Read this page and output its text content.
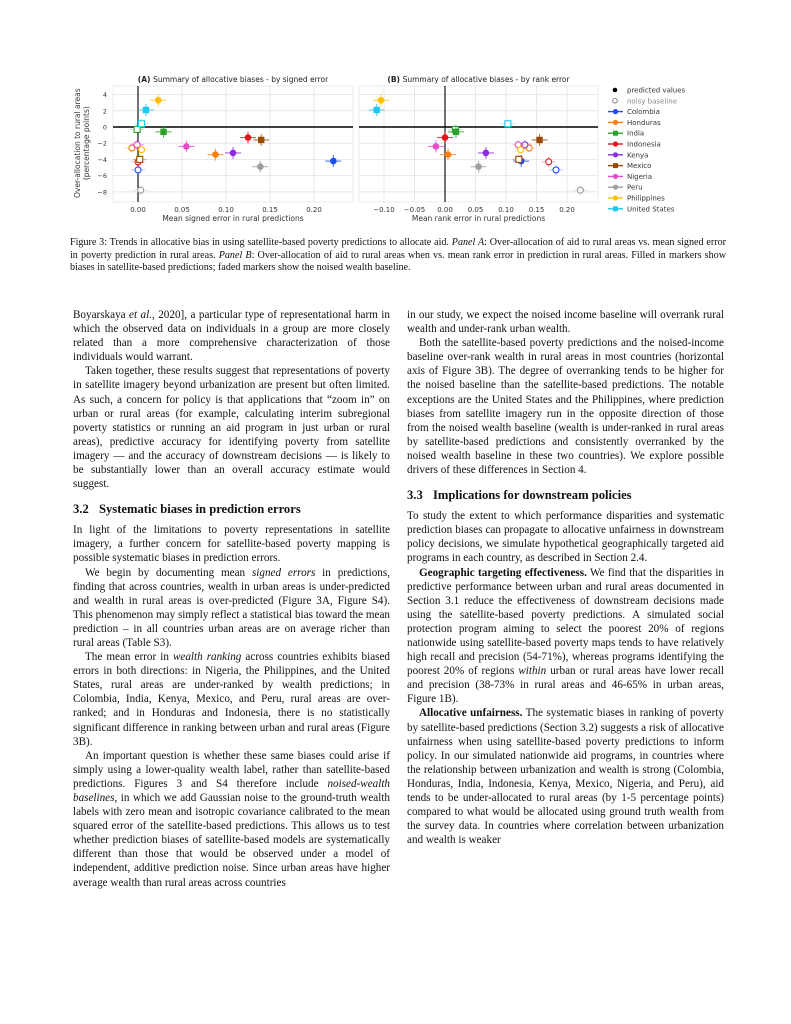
0.00	0.05	0.10	0.15	0.20
4
2
0
−2
−4
−6
−8
Over-allocation to rural areas (percentage points)
(A) Summary of allocative biases - by signed error
Mean signed error in rural predictions
−0.10 −0.05 0.00 0.05 0.10 0.15 0.20
(B) Summary of allocative biases - by rank error
Mean rank error in rural predictions
predicted values
noisy baseline
Colombia
Honduras
India
Indonesia
Kenya
Mexico
Nigeria
Peru
Philippines
United States
Figure 3: Trends in allocative bias in using satellite-based poverty predictions to allocate aid. Panel A: Over-allocation of aid to rural areas vs. mean signed error in poverty prediction in rural areas. Panel B: Over-allocation of aid to rural areas when vs. mean rank error in prediction in rural areas. Filled in markers show biases in satellite-based predictions; faded markers show the noised wealth baseline.

Boyarskaya et al., 2020], a particular type of representational harm in which the observed data on individuals in a group are more closely related than a more comprehensive characterization of those individuals would warrant.

Taken together, these results suggest that representations of poverty in satellite imagery beyond urbanization are present but often limited. As such, a concern for policy is that applications that “zoom in” on urban or rural areas (for example, calculating interim subregional poverty statistics or running an aid program in just urban or rural areas), predictive accuracy for identifying poverty from satellite imagery — and the accuracy of downstream decisions — is likely to be substantially lower than an overall accuracy estimate would suggest.

3.2 Systematic biases in prediction errors

In light of the limitations to poverty representations in satellite imagery, a further concern for satellite-based poverty mapping is possible systematic biases in prediction errors.

We begin by documenting mean signed errors in predictions, finding that across countries, wealth in urban areas is under-predicted and wealth in rural areas is over-predicted (Figure 3A, Figure S4). This phenomenon may simply reflect a statistical bias toward the mean prediction – in all countries urban areas are on average richer than rural areas (Table S3).

The mean error in wealth ranking across countries exhibits biased errors in both directions: in Nigeria, the Philippines, and the United States, rural areas are under-ranked by wealth predictions; in Colombia, India, Kenya, Mexico, and Peru, rural areas are over-ranked; and in Honduras and Indonesia, there is no statistically significant difference in ranking between urban and rural areas (Figure 3B).

An important question is whether these same biases could arise if simply using a lower-quality wealth label, rather than satellite-based predictions. Figures 3 and S4 therefore include noised-wealth baselines, in which we add Gaussian noise to the ground-truth wealth labels with zero mean and isotropic covariance calibrated to the mean squared error of the satellite-based predictions. This allows us to test whether prediction biases of satellite-based models are systematically different than those that would be observed under a model of independent, additive prediction noise. Since urban areas have higher average wealth than rural areas across countries

in our study, we expect the noised income baseline will overrank rural wealth and under-rank urban wealth.

Both the satellite-based poverty predictions and the noised-income baseline over-rank wealth in rural areas in most countries (horizontal axis of Figure 3B). The degree of overranking tends to be higher for the noised baseline than the satellite-based predictions. The notable exceptions are the United States and the Philippines, where prediction biases from satellite imagery run in the opposite direction of those from the noised wealth baseline (wealth is under-ranked in rural areas by satellite-based predictions and consistently overranked by the noised wealth baseline in these two countries). We explore possible drivers of these differences in Section 4.

3.3 Implications for downstream policies

To study the extent to which performance disparities and systematic prediction biases can propagate to allocative unfairness in downstream policy decisions, we simulate hypothetical geographically targeted aid programs in each country, as described in Section 2.4.

Geographic targeting effectiveness. We find that the disparities in predictive performance between urban and rural areas documented in Section 3.1 reduce the effectiveness of downstream decisions made using the satellite-based poverty predictions. A simulated social protection program aiming to select the poorest 20% of regions nationwide using satellite-based poverty maps tends to have relatively high recall and precision (54-71%), whereas programs identifying the poorest 20% of regions within urban or rural areas have lower recall and precision (38-73% in rural areas and 46-65% in urban areas, Figure 1B).

Allocative unfairness. The systematic biases in ranking of poverty by satellite-based predictions (Section 3.2) suggests a risk of allocative unfairness when using satellite-based poverty predictions to inform policy. In our simulated nationwide aid programs, in countries where the relationship between urbanization and wealth is strong (Colombia, Honduras, India, Indonesia, Kenya, Mexico, Nigeria, and Peru), aid tends to be under-allocated to rural areas (by 1-5 percentage points) compared to what would be allocated using ground truth wealth from the survey data. In countries where correlation between urbanization and wealth is weaker
